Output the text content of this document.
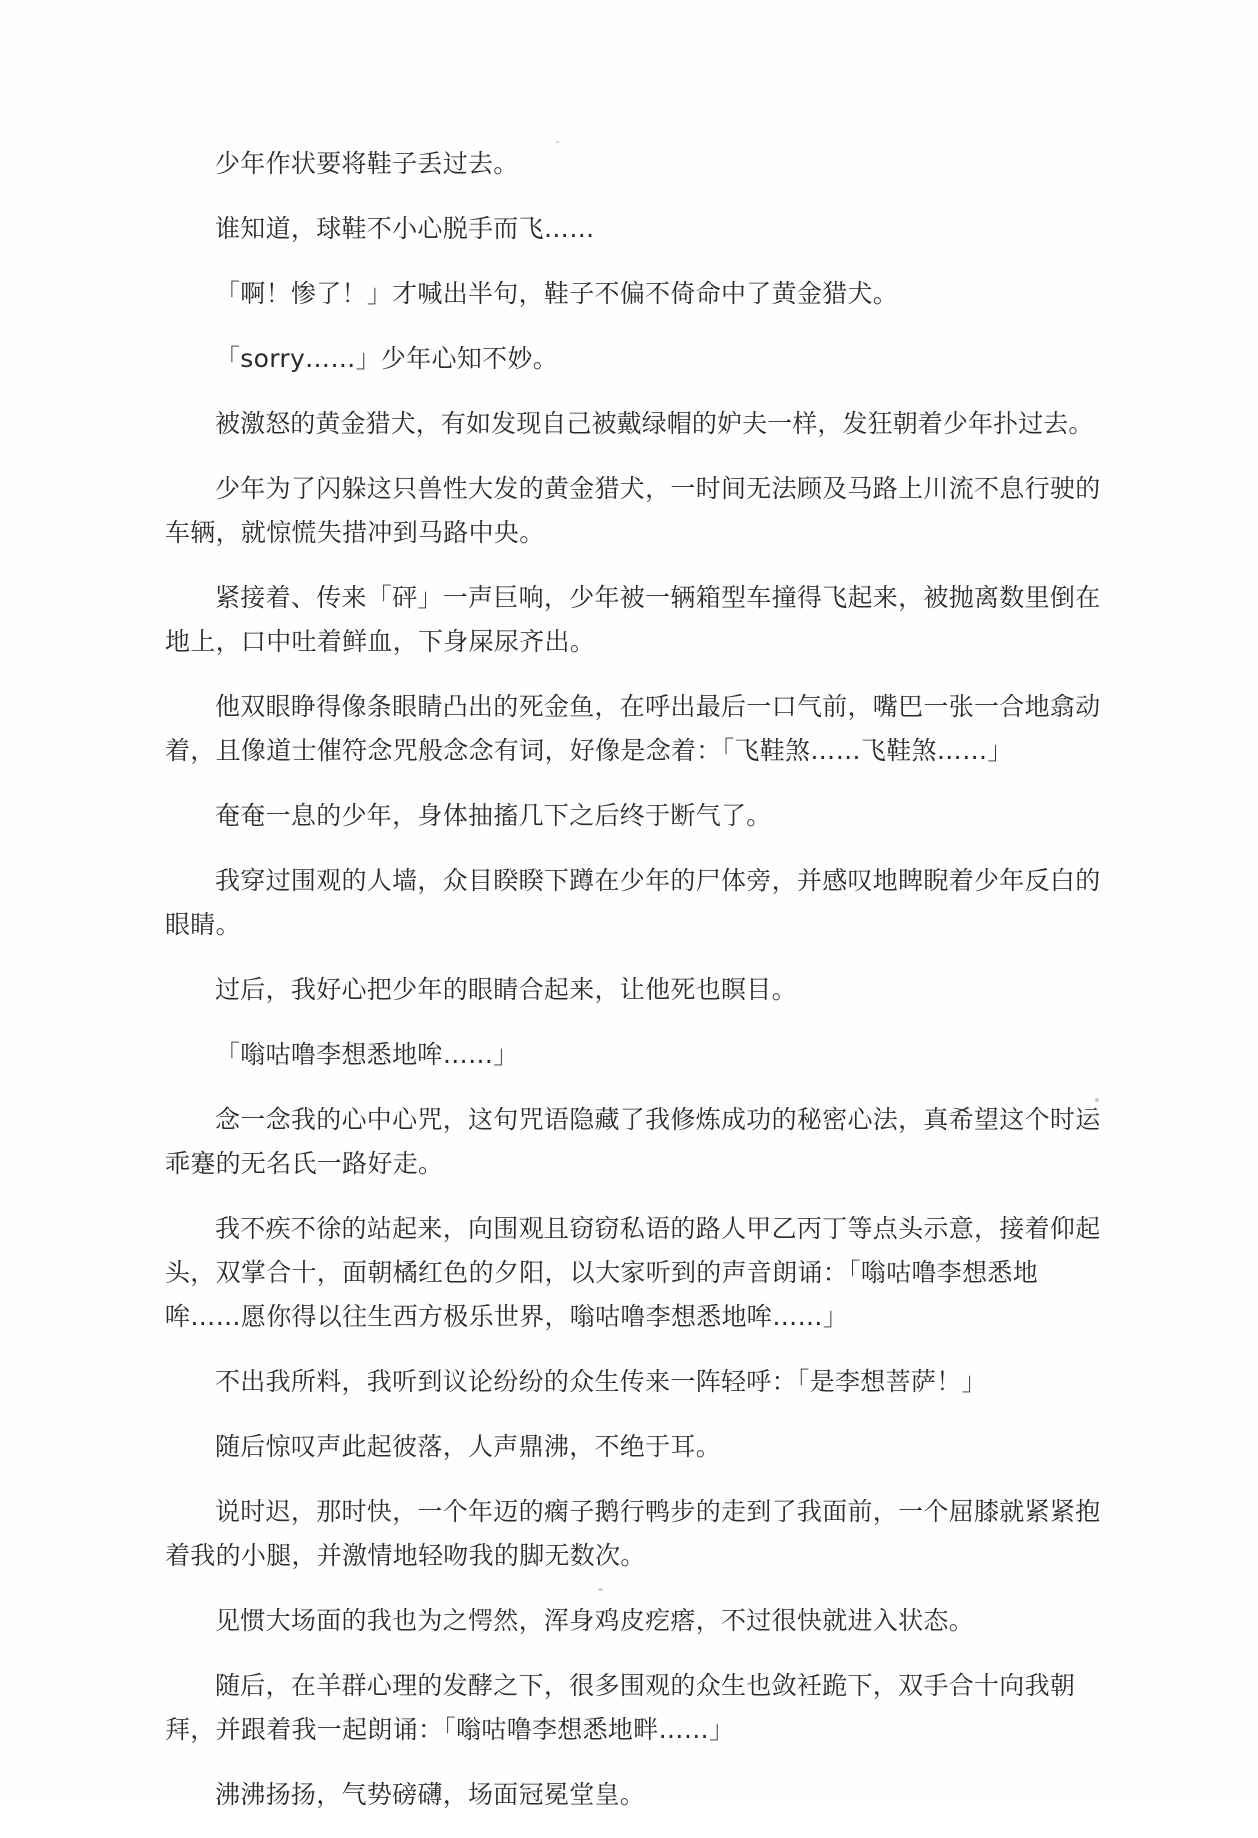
少年作状要将鞋子丢过去。

谁知道，球鞋不小心脱手而飞……

「啊！惨了！」才喊出半句，鞋子不偏不倚命中了黄金猎犬。

「sorry……」少年心知不妙。

被激怒的黄金猎犬，有如发现自己被戴绿帽的妒夫一样，发狂朝着少年扑过去。

少年为了闪躲这只兽性大发的黄金猎犬，一时间无法顾及马路上川流不息行驶的车辆，就惊慌失措冲到马路中央。

紧接着、传来「砰」一声巨响，少年被一辆箱型车撞得飞起来，被抛离数里倒在地上，口中吐着鲜血，下身屎尿齐出。

他双眼睁得像条眼睛凸出的死金鱼，在呼出最后一口气前，嘴巴一张一合地翕动着，且像道士催符念咒般念念有词，好像是念着：「飞鞋煞……飞鞋煞……」

奄奄一息的少年，身体抽搐几下之后终于断气了。

我穿过围观的人墙，众目睽睽下蹲在少年的尸体旁，并感叹地睥睨着少年反白的眼睛。

过后，我好心把少年的眼睛合起来，让他死也瞑目。

「嗡咕噜李想悉地哞……」

念一念我的心中心咒，这句咒语隐藏了我修炼成功的秘密心法，真希望这个时运乖蹇的无名氏一路好走。

我不疾不徐的站起来，向围观且窃窃私语的路人甲乙丙丁等点头示意，接着仰起头，双掌合十，面朝橘红色的夕阳，以大家听到的声音朗诵：「嗡咕噜李想悉地哞……愿你得以往生西方极乐世界，嗡咕噜李想悉地哞……」

不出我所料，我听到议论纷纷的众生传来一阵轻呼：「是李想菩萨！」

随后惊叹声此起彼落，人声鼎沸，不绝于耳。

说时迟，那时快，一个年迈的瘸子鹅行鸭步的走到了我面前，一个屈膝就紧紧抱着我的小腿，并激情地轻吻我的脚无数次。

见惯大场面的我也为之愕然，浑身鸡皮疙瘩，不过很快就进入状态。

随后，在羊群心理的发酵之下，很多围观的众生也敛衽跪下，双手合十向我朝拜，并跟着我一起朗诵：「嗡咕噜李想悉地畔……」

沸沸扬扬，气势磅礴，场面冠冕堂皇。
